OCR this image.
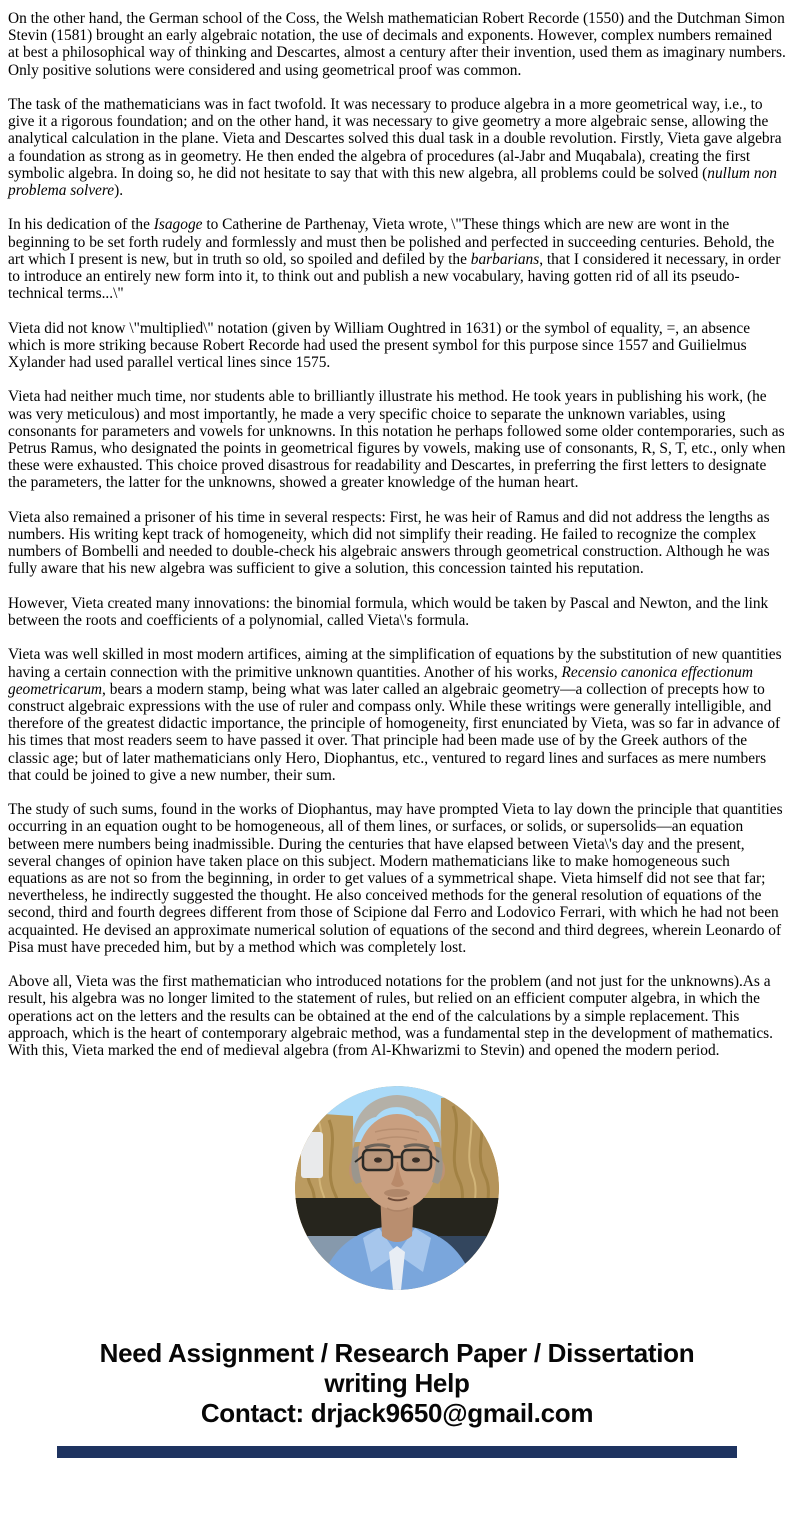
On the other hand, the German school of the Coss, the Welsh mathematician Robert Recorde (1550) and the Dutchman Simon Stevin (1581) brought an early algebraic notation, the use of decimals and exponents. However, complex numbers remained at best a philosophical way of thinking and Descartes, almost a century after their invention, used them as imaginary numbers. Only positive solutions were considered and using geometrical proof was common.

The task of the mathematicians was in fact twofold. It was necessary to produce algebra in a more geometrical way, i.e., to give it a rigorous foundation; and on the other hand, it was necessary to give geometry a more algebraic sense, allowing the analytical calculation in the plane. Vieta and Descartes solved this dual task in a double revolution. Firstly, Vieta gave algebra a foundation as strong as in geometry. He then ended the algebra of procedures (al-Jabr and Muqabala), creating the first symbolic algebra. In doing so, he did not hesitate to say that with this new algebra, all problems could be solved (nullum non problema solvere).

In his dedication of the Isagoge to Catherine de Parthenay, Vieta wrote, \"These things which are new are wont in the beginning to be set forth rudely and formlessly and must then be polished and perfected in succeeding centuries. Behold, the art which I present is new, but in truth so old, so spoiled and defiled by the barbarians, that I considered it necessary, in order to introduce an entirely new form into it, to think out and publish a new vocabulary, having gotten rid of all its pseudo-technical terms...\"

Vieta did not know \"multiplied\" notation (given by William Oughtred in 1631) or the symbol of equality, =, an absence which is more striking because Robert Recorde had used the present symbol for this purpose since 1557 and Guilielmus Xylander had used parallel vertical lines since 1575.

Vieta had neither much time, nor students able to brilliantly illustrate his method. He took years in publishing his work, (he was very meticulous) and most importantly, he made a very specific choice to separate the unknown variables, using consonants for parameters and vowels for unknowns. In this notation he perhaps followed some older contemporaries, such as Petrus Ramus, who designated the points in geometrical figures by vowels, making use of consonants, R, S, T, etc., only when these were exhausted. This choice proved disastrous for readability and Descartes, in preferring the first letters to designate the parameters, the latter for the unknowns, showed a greater knowledge of the human heart.

Vieta also remained a prisoner of his time in several respects: First, he was heir of Ramus and did not address the lengths as numbers. His writing kept track of homogeneity, which did not simplify their reading. He failed to recognize the complex numbers of Bombelli and needed to double-check his algebraic answers through geometrical construction. Although he was fully aware that his new algebra was sufficient to give a solution, this concession tainted his reputation.

However, Vieta created many innovations: the binomial formula, which would be taken by Pascal and Newton, and the link between the roots and coefficients of a polynomial, called Vieta\'s formula.

Vieta was well skilled in most modern artifices, aiming at the simplification of equations by the substitution of new quantities having a certain connection with the primitive unknown quantities. Another of his works, Recensio canonica effectionum geometricarum, bears a modern stamp, being what was later called an algebraic geometry—a collection of precepts how to construct algebraic expressions with the use of ruler and compass only. While these writings were generally intelligible, and therefore of the greatest didactic importance, the principle of homogeneity, first enunciated by Vieta, was so far in advance of his times that most readers seem to have passed it over. That principle had been made use of by the Greek authors of the classic age; but of later mathematicians only Hero, Diophantus, etc., ventured to regard lines and surfaces as mere numbers that could be joined to give a new number, their sum.

The study of such sums, found in the works of Diophantus, may have prompted Vieta to lay down the principle that quantities occurring in an equation ought to be homogeneous, all of them lines, or surfaces, or solids, or supersolids—an equation between mere numbers being inadmissible. During the centuries that have elapsed between Vieta\'s day and the present, several changes of opinion have taken place on this subject. Modern mathematicians like to make homogeneous such equations as are not so from the beginning, in order to get values of a symmetrical shape. Vieta himself did not see that far; nevertheless, he indirectly suggested the thought. He also conceived methods for the general resolution of equations of the second, third and fourth degrees different from those of Scipione dal Ferro and Lodovico Ferrari, with which he had not been acquainted. He devised an approximate numerical solution of equations of the second and third degrees, wherein Leonardo of Pisa must have preceded him, but by a method which was completely lost.

Above all, Vieta was the first mathematician who introduced notations for the problem (and not just for the unknowns).As a result, his algebra was no longer limited to the statement of rules, but relied on an efficient computer algebra, in which the operations act on the letters and the results can be obtained at the end of the calculations by a simple replacement. This approach, which is the heart of contemporary algebraic method, was a fundamental step in the development of mathematics. With this, Vieta marked the end of medieval algebra (from Al-Khwarizmi to Stevin) and opened the modern period.

Need Assignment / Research Paper / Dissertation
writing Help
Contact: drjack9650@gmail.com
